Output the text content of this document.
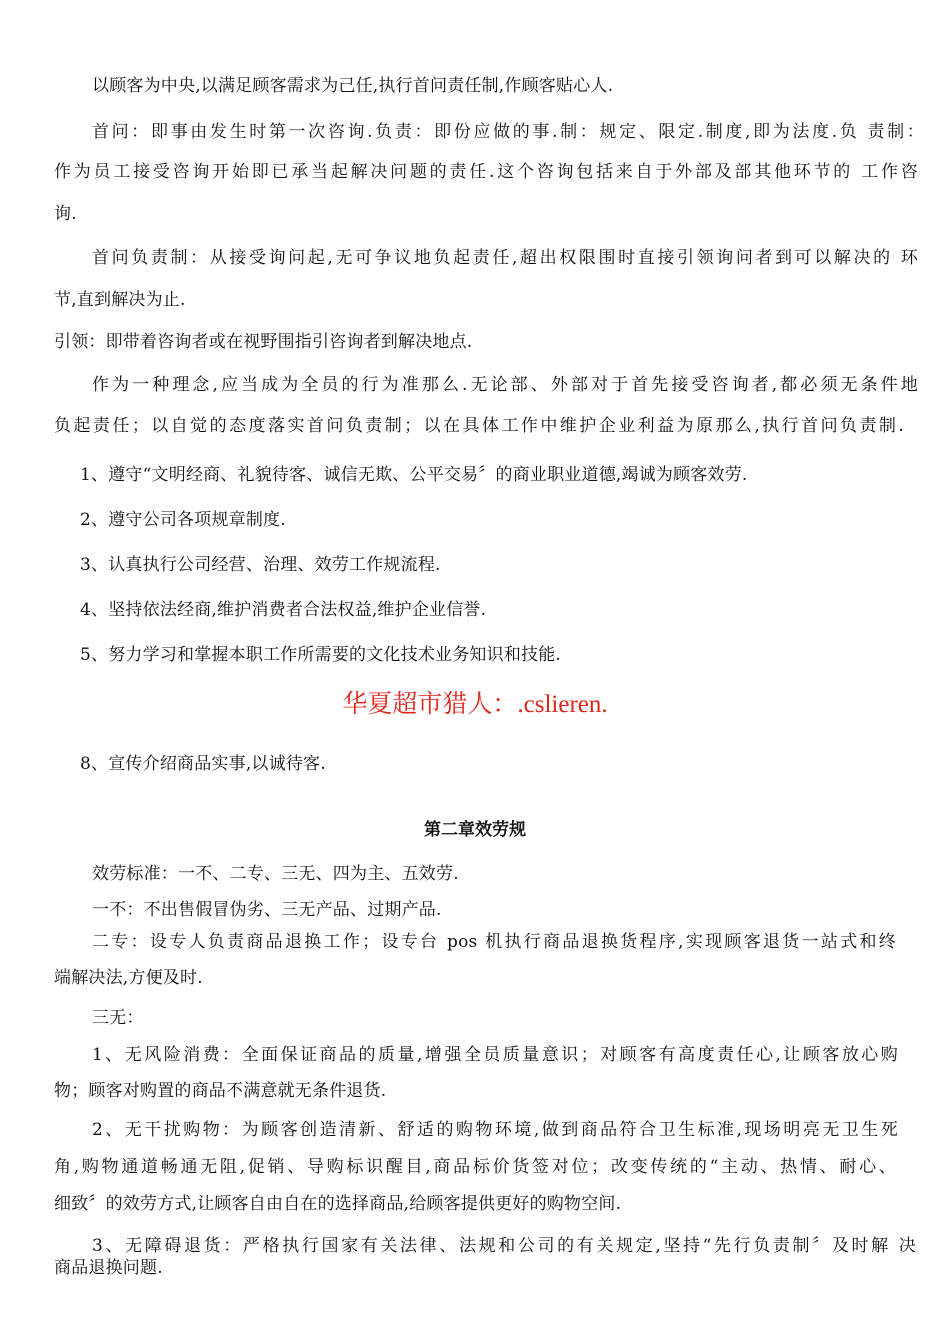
以顾客为中央,以满足顾客需求为己任,执行首问责任制,作顾客贴心人.
首问：即事由发生时第一次咨询.负责：即份应做的事.制：规定、限定.制度,即为法度.负 责制：
作为员工接受咨询开始即已承当起解决问题的责任.这个咨询包括来自于外部及部其他环节的 工作咨
询.
首问负责制：从接受询问起,无可争议地负起责任,超出权限围时直接引领询问者到可以解决的 环
节,直到解决为止.
引领：即带着咨询者或在视野围指引咨询者到解决地点.
作为一种理念,应当成为全员的行为准那么.无论部、外部对于首先接受咨询者,都必须无条件地
负起责任；以自觉的态度落实首问负责制；以在具体工作中维护企业利益为原那么,执行首问负责制.
1、遵守“文明经商、礼貌待客、诚信无欺、公平交易〞的商业职业道德,竭诚为顾客效劳.
2、遵守公司各项规章制度.
3、认真执行公司经营、治理、效劳工作规流程.
4、坚持依法经商,维护消费者合法权益,维护企业信誉.
5、努力学习和掌握本职工作所需要的文化技术业务知识和技能.
华夏超市猎人：.cslieren.
8、宣传介绍商品实事,以诚待客.
第二章效劳规
效劳标准：一不、二专、三无、四为主、五效劳.
一不：不出售假冒伪劣、三无产品、过期产品.
二专：设专人负责商品退换工作；设专台 pos 机执行商品退换货程序,实现顾客退货一站式和终
端解决法,方便及时.
三无：
1、无风险消费：全面保证商品的质量,增强全员质量意识；对顾客有高度责任心,让顾客放心购
物；顾客对购置的商品不满意就无条件退货.
2、无干扰购物：为顾客创造清新、舒适的购物环境,做到商品符合卫生标准,现场明亮无卫生死
角,购物通道畅通无阻,促销、导购标识醒目,商品标价货签对位；改变传统的“主动、热情、耐心、
细致〞的效劳方式,让顾客自由自在的选择商品,给顾客提供更好的购物空间.
3、无障碍退货：严格执行国家有关法律、法规和公司的有关规定,坚持“先行负责制〞及时解 决
商品退换问题.
